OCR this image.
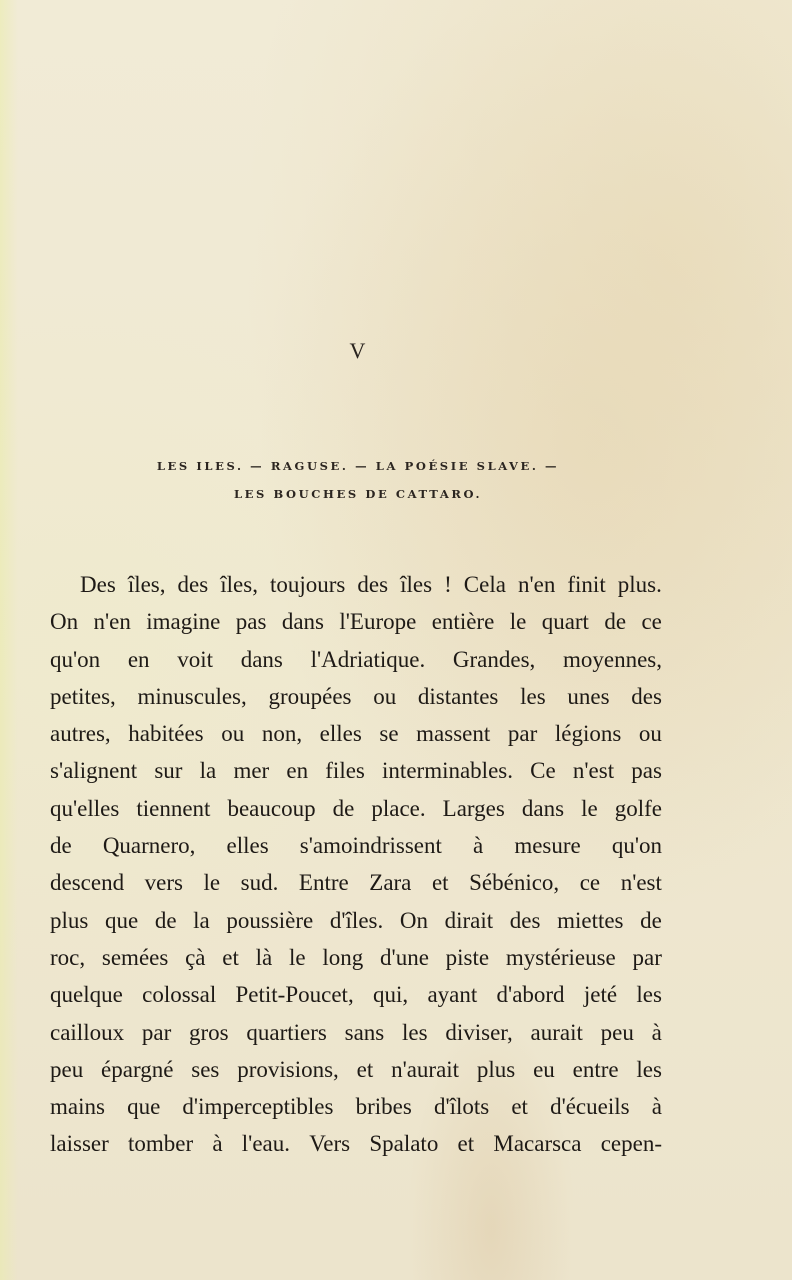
V
LES ILES. — RAGUSE. — LA POÉSIE SLAVE. —
LES BOUCHES DE CATTARO.
Des îles, des îles, toujours des îles ! Cela n'en finit plus.
On n'en imagine pas dans l'Europe entière le quart de ce
qu'on en voit dans l'Adriatique. Grandes, moyennes,
petites, minuscules, groupées ou distantes les unes des
autres, habitées ou non, elles se massent par légions ou
s'alignent sur la mer en files interminables. Ce n'est pas
qu'elles tiennent beaucoup de place. Larges dans le golfe
de Quarnero, elles s'amoindrissent à mesure qu'on
descend vers le sud. Entre Zara et Sébénico, ce n'est
plus que de la poussière d'îles. On dirait des miettes de
roc, semées çà et là le long d'une piste mystérieuse par
quelque colossal Petit-Poucet, qui, ayant d'abord jeté les
cailloux par gros quartiers sans les diviser, aurait peu à
peu épargné ses provisions, et n'aurait plus eu entre les
mains que d'imperceptibles bribes d'îlots et d'écueils à
laisser tomber à l'eau. Vers Spalato et Macarsca cepen-
